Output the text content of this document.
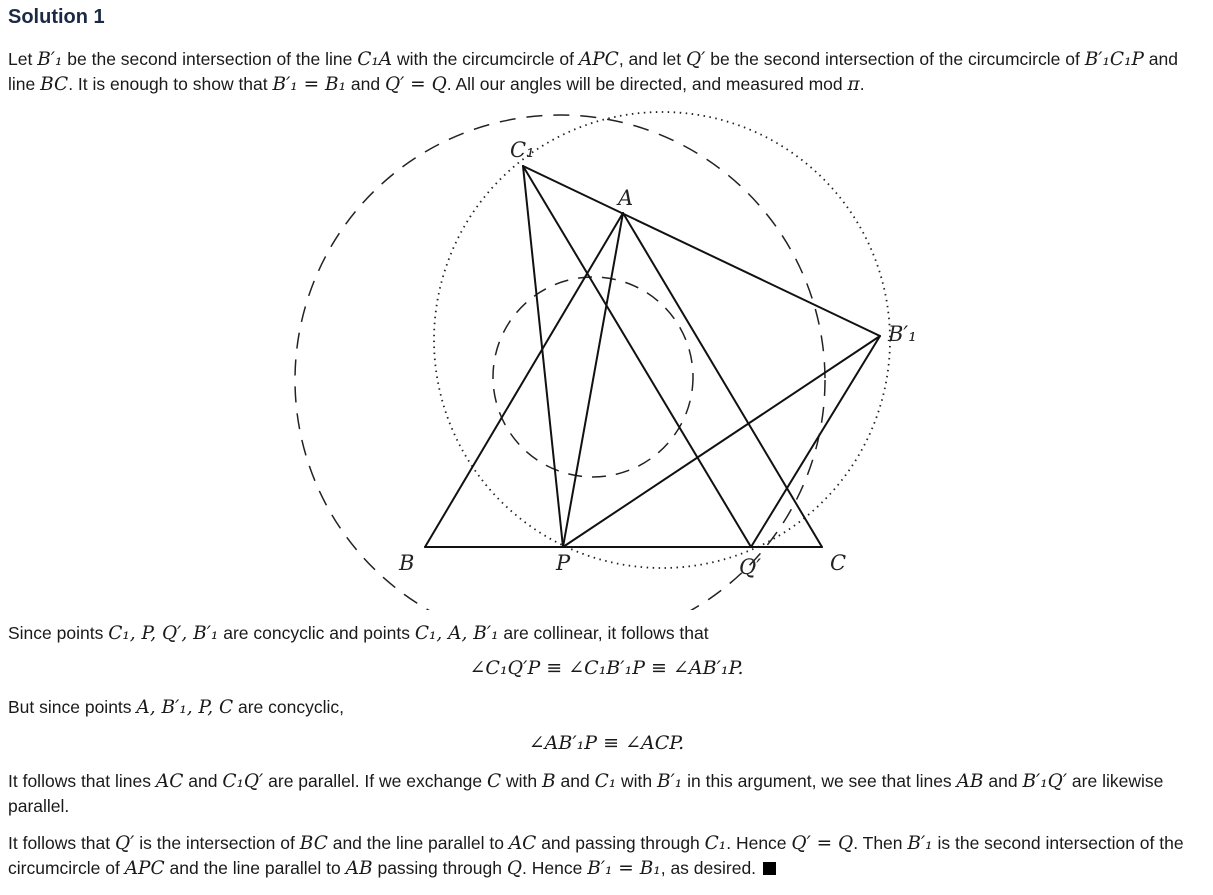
Solution 1

Let B′₁ be the second intersection of the line C₁A with the circumcircle of APC, and let Q′ be the second intersection of the circumcircle of B′₁C₁P and line BC. It is enough to show that B′₁ = B₁ and Q′ = Q. All our angles will be directed, and measured mod π.

C₁
A
B′₁
B	P	Q′	C

Since points C₁, P, Q′, B′₁ are concyclic and points C₁, A, B′₁ are collinear, it follows that

∠C₁Q′P ≡ ∠C₁B′₁P ≡ ∠AB′₁P.

But since points A, B′₁, P, C are concyclic,

∠AB′₁P ≡ ∠ACP.

It follows that lines AC and C₁Q′ are parallel. If we exchange C with B and C₁ with B′₁ in this argument, we see that lines AB and B′₁Q′ are likewise parallel.

It follows that Q′ is the intersection of BC and the line parallel to AC and passing through C₁. Hence Q′ = Q. Then B′₁ is the second intersection of the circumcircle of APC and the line parallel to AB passing through Q. Hence B′₁ = B₁, as desired.
